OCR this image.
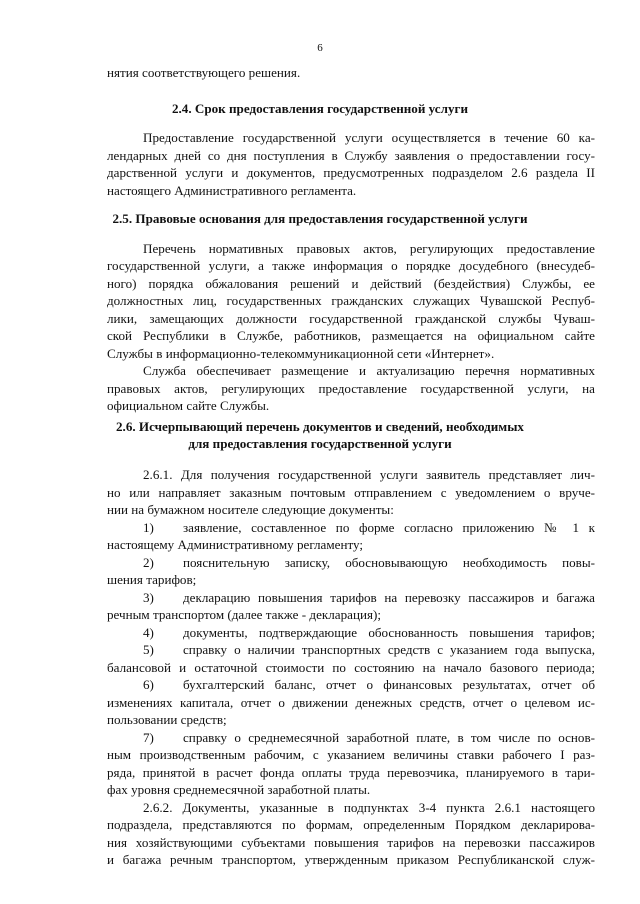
6
нятия соответствующего решения.
2.4. Срок предоставления государственной услуги
Предоставление государственной услуги осуществляется в течение 60 ка-
лендарных дней со дня поступления в Службу заявления о предоставлении госу-
дарственной услуги и документов, предусмотренных подразделом 2.6 раздела II
настоящего Административного регламента.
2.5. Правовые основания для предоставления государственной услуги
Перечень нормативных правовых актов, регулирующих предоставление
государственной услуги, а также информация о порядке досудебного (внесудеб-
ного) порядка обжалования решений и действий (бездействия) Службы, ее
должностных лиц, государственных гражданских служащих Чувашской Респуб-
лики, замещающих должности государственной гражданской службы Чуваш-
ской Республики в Службе, работников, размещается на официальном сайте
Службы в информационно-телекоммуникационной сети «Интернет».
Служба обеспечивает размещение и актуализацию перечня нормативных
правовых актов, регулирующих предоставление государственной услуги, на
официальном сайте Службы.
2.6. Исчерпывающий перечень документов и сведений, необходимых
для предоставления государственной услуги
2.6.1. Для получения государственной услуги заявитель представляет лич-
но или направляет заказным почтовым отправлением с уведомлением о вруче-
нии на бумажном носителе следующие документы:
1) заявление, составленное по форме согласно приложению № 1 к
настоящему Административному регламенту;
2) пояснительную записку, обосновывающую необходимость повы-
шения тарифов;
3) декларацию повышения тарифов на перевозку пассажиров и багажа
речным транспортом (далее также - декларация);
4) документы, подтверждающие обоснованность повышения тарифов;
5) справку о наличии транспортных средств с указанием года выпуска,
балансовой и остаточной стоимости по состоянию на начало базового периода;
6) бухгалтерский баланс, отчет о финансовых результатах, отчет об
изменениях капитала, отчет о движении денежных средств, отчет о целевом ис-
пользовании средств;
7) справку о среднемесячной заработной плате, в том числе по основ-
ным производственным рабочим, с указанием величины ставки рабочего I раз-
ряда, принятой в расчет фонда оплаты труда перевозчика, планируемого в тари-
фах уровня среднемесячной заработной платы.
2.6.2. Документы, указанные в подпунктах 3-4 пункта 2.6.1 настоящего
подраздела, представляются по формам, определенным Порядком декларирова-
ния хозяйствующими субъектами повышения тарифов на перевозки пассажиров
и багажа речным транспортом, утвержденным приказом Республиканской служ-
